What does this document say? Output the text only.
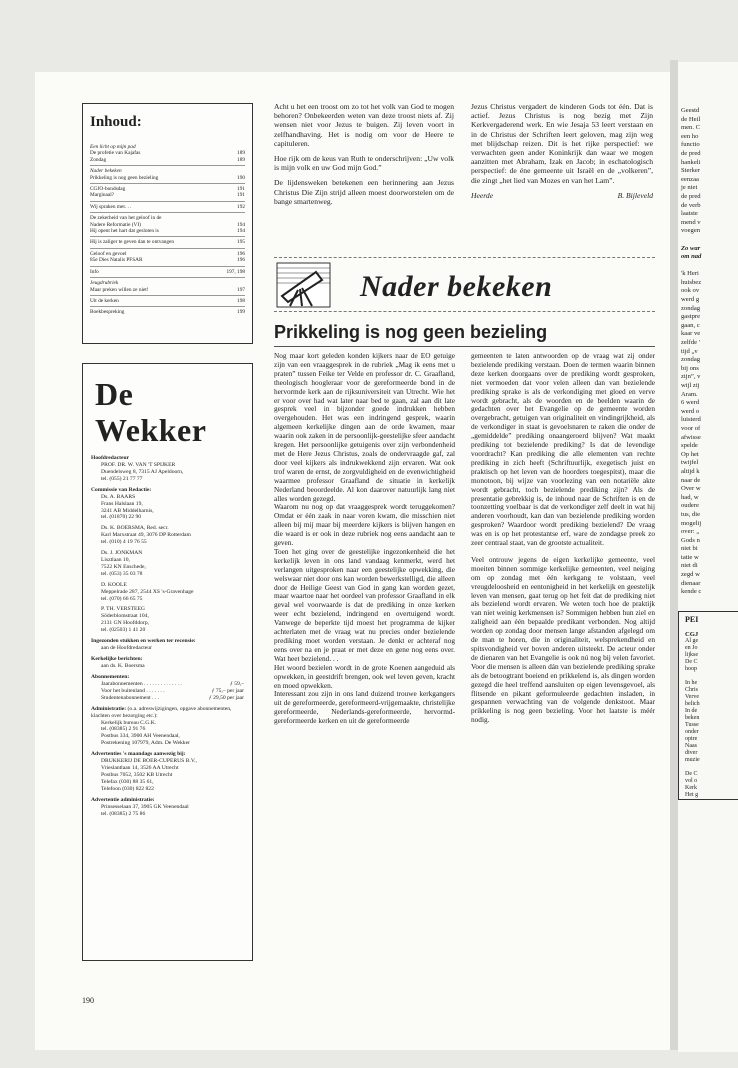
Inhoud:
Een licht op mijn pad
De profetie van Kajafas	189
Zondag	189
Nader bekeken
Prikkeling is nog geen bezieling	190
CGJO-bondsdag	191
Marginaal?	191
Wij spraken met. . .	192
De zekerheid van het geloof in de
Nadere Reformatie (VI)	194
Hij opent het hart dat gesloten is	194
Hij is zaliger te geven dan te ontvangen	195
Geloof en gevoel	196
85e Dies Natalis PFSAR	196
Info	197, 198
Jeugdrubriek
Maar preken willen ze niet!	197
Uit de kerken	198
Boekbespreking	199
De Wekker
Hoofdredacteur
PROF. DR. W. VAN 'T SPIJKER
Duendelsweg 8, 7315 AJ Apeldoorn,
tel. (055) 21 77 77
Commissie van Redactie:
Ds. A. BAARS
Frans Halslaan 19,
3241 AB Middelharnis,
tel. (01870) 22 90
Ds. K. BOERSMA, Red. secr.
Karl Marxstraat 49, 3076 DP Rotterdam
tel. (010) 4 19 76 55
Ds. J. JONKMAN
Lisztlaan 10,
7522 KN Enschede,
tel. (053) 35 03 78
D. KOOLE
Meppelrade 287, 2544 XS 's-Gravenhage
tel. (070) 66 65 75
P. TH. VERSTEEG
Söderblomstraat 104,
2131 GN Hoofddorp,
tel. (02503) 1 41 20
Ingezonden stukken en werken ter recensie:
aan de Hoofdredacteur
Kerkelijke berichten:
aan ds. K. Boersma
Abonnementen:
Jaarabonnementen . . . . . . . . . . . . . .	ƒ 59,–
Voor het buitenland . . . . . . .	ƒ 75,– per jaar
Studentenabonnement . . .	ƒ 29,50 per jaar
Administratie: (o.a. adreswijzigingen, opgave abonnementen, klachten over bezorging etc.):
Kerkelijk bureau C.G.K.
tel. (08385) 2 91 76
Postbus 334, 3900 AH Veenendaal,
Postrekening 107979, Adm. De Wekker
Advertenties 's maandags aanwezig bij:
DRUKKERIJ DE BOER-CUPERUS B.V.,
Vrieslantlaan 14, 3526 AA Utrecht
Postbus 7052, 3502 KB Utrecht
Telefax (030) 88 35 61,
Telefoon (030) 822 822
Advertentie administratie:
Prinsesselaan 37, 3905 GK Veenendaal
tel. (08385) 2 75 86

Acht u het een troost om zo tot het volk van God te mogen behoren? Onbekeerden weten van deze troost niets af. Zij wensen niet voor Jezus te buigen. Zij leven voort in zelfhandhaving. Het is nodig om voor de Heere te capituleren.

Hoe rijk om de keus van Ruth te onderschrijven: „Uw volk is mijn volk en uw God mijn God.”

De lijdensweken betekenen een herinnering aan Jezus Christus Die Zijn strijd alleen moest doorworstelen om de bange smartenweg.

Jezus Christus vergadert de kinderen Gods tot één. Dat is actief. Jezus Christus is nog bezig met Zijn Kerkvergaderend werk. En wie Jesaja 53 leert verstaan en in de Christus der Schriften leert geloven, mag zijn weg met blijdschap reizen. Dit is het rijke perspectief: we verwachten geen ander Koninkrijk dan waar we mogen aanzitten met Abraham, Izak en Jacob; in eschatologisch perspectief: de éne gemeente uit Israël en de „volkeren”, die zingt „het lied van Mozes en van het Lam”.

Heerde	B. Bijleveld
Nader bekeken
Prikkeling is nog geen bezieling

Nog maar kort geleden konden kijkers naar de EO getuige zijn van een vraaggesprek in de rubriek „Mag ik eens met u praten” tussen Feike ter Velde en professor dr. C. Graafland, theologisch hoogleraar voor de gereformeerde bond in de hervormde kerk aan de rijksuniversiteit van Utrecht. Wie het er voor over had wat later naar bed te gaan, zal aan dit late gesprek veel in bijzonder goede indrukken hebben overgehouden. Het was een indringend gesprek, waarin algemeen kerkelijke dingen aan de orde kwamen, maar waarin ook zaken in de persoonlijk-geestelijke sfeer aandacht kregen. Het persoonlijke getuigenis over zijn verbondenheid met de Here Jezus Christus, zoals de ondervraagde gaf, zal door veel kijkers als indrukwekkend zijn ervaren. Wat ook trof waren de ernst, de zorgvuldigheid en de evenwichtigheid waarmee professor Graafland de situatie in kerkelijk Nederland beoordeelde. Al kon daarover natuurlijk lang niet alles worden gezegd.

Waarom nu nog op dat vraaggesprek wordt teruggekomen? Omdat er één zaak in naar voren kwam, die misschien niet alleen bij mij maar bij meerdere kijkers is blijven hangen en die waard is er ook in deze rubriek nog eens aandacht aan te geven.

Toen het ging over de geestelijke ingezonkenheid die het kerkelijk leven in ons land vandaag kenmerkt, werd het verlangen uitgesproken naar een geestelijke opwekking, die welswaar niet door ons kan worden bewerkstelligd, die alleen door de Heilige Geest van God in gang kan worden gezet, maar waartoe naar het oordeel van professor Graafland in elk geval wel voorwaarde is dat de prediking in onze kerken weer echt bezielend, indringend en overtuigend wordt. Vanwege de beperkte tijd moest het programma de kijker achterlaten met de vraag wat nu precies onder bezielende prediking moet worden verstaan. Je denkt er achteraf nog eens over na en je praat er met deze en gene nog eens over. Wat heet bezielend. . .

Het woord bezielen wordt in de grote Koenen aangeduid als opwekken, in geestdrift brengen, ook wel leven geven, kracht en moed opwekken.

Interessant zou zijn in ons land duizend trouwe kerkgangers uit de gereformeerde, gereformeerd-vrijgemaakte, christelijke gereformeerde, Nederlands-gereformeerde, hervormd-gereformeerde kerken en uit de gereformeerde

gemeenten te laten antwoorden op de vraag wat zij onder bezielende prediking verstaan. Doen de termen waarin binnen deze kerken doorgaans over de prediking wordt gesproken, niet vermoeden dat voor velen alleen dan van bezielende prediking sprake is als de verkondiging met gloed en verve wordt gebracht, als de woorden en de beelden waarin de gedachten over het Evangelie op de gemeente worden overgebracht, getuigen van originaliteit en vindingrijkheid, als de verkondiger in staat is gevoelsnaren te raken die onder de „gemiddelde” prediking onaangeroerd blijven? Wat maakt prediking tot bezielende prediking? Is dat de levendige voordracht? Kan prediking die alle elementen van rechte prediking in zich heeft (Schriftuurlijk, exegetisch juist en praktisch op het leven van de hoorders toegespitst), maar die monotoon, bij wijze van voorlezing van een notariële akte wordt gebracht, toch bezielende prediking zijn? Als de presentatie gebrekkig is, de inhoud naar de Schriften is en de toonzetting voelbaar is dat de verkondiger zelf deelt in wat hij anderen voorhoudt, kan dan van bezielende prediking worden gesproken? Waardoor wordt prediking bezielend? De vraag was en is op het protestantse erf, ware de zondagse preek zo zeer centraal staat, van de grootste actualiteit.

Veel ontrouw jegens de eigen kerkelijke gemeente, veel moeiten binnen sommige kerkelijke gemeenten, veel neiging om op zondag met één kerkgang te volstaan, veel vreugdeloosheid en eentonigheid in het kerkelijk en geestelijk leven van mensen, gaat terug op het feit dat de prediking niet als bezielend wordt ervaren. We weten toch hoe de praktijk van niet weinig kerkmensen is? Sommigen hebben hun ziel en zaligheid aan één bepaalde predikant verbonden. Nog altijd worden op zondag door mensen lange afstanden afgelegd om de man te horen, die in originaliteit, welsprekendheid en spitsvondigheid ver boven anderen uitsteekt. De acteur onder de dienaren van het Evangelie is ook nú nog bij velen favoriet. Voor die mensen is alleen dán van bezielende prediking sprake als de betoogtrant boeiend en prikkelend is, als dingen worden gezegd die heel treffend aansluiten op eigen levensgevoel, als flitsende en pikant geformuleerde gedachten insladen, in gespannen verwachting van de volgende denkstoot. Maar prikkeling is nog geen bezieling. Voor het laatste is méér nodig.

190
Geestd
de Heil
men. C
een ho
functio
de pred
hankeli
Sterker
eenzaa
je niet
de pred
de verb
laatste
mend v
voegen

Zo war
om nad

'k Heri
huisbez
ook ov
werd g
zondag
gastpre
gaan, c
kaar ve
zelfde '
tijd „v
zondag
bij ons
zijn”, v
wijl zij
Aram.
6 werd
werd o
luisterd
voor of
afwisse
spelde
Op het
twijfel
altijd k
naar de
Over w
had, w
oudere
tus, die
mogelij
over: „
Gods n
niet bi
tatie w
niet di
zegd w
dienaar
kende c
PEI
CGJ
Al ge
en Jo
lijkse
De C
hoop

In he
Chris
Verve
belich
In de
beken
Tusse
onder
optre
Naas
diver
muzie

De C
vol o
Kerk
Het g
